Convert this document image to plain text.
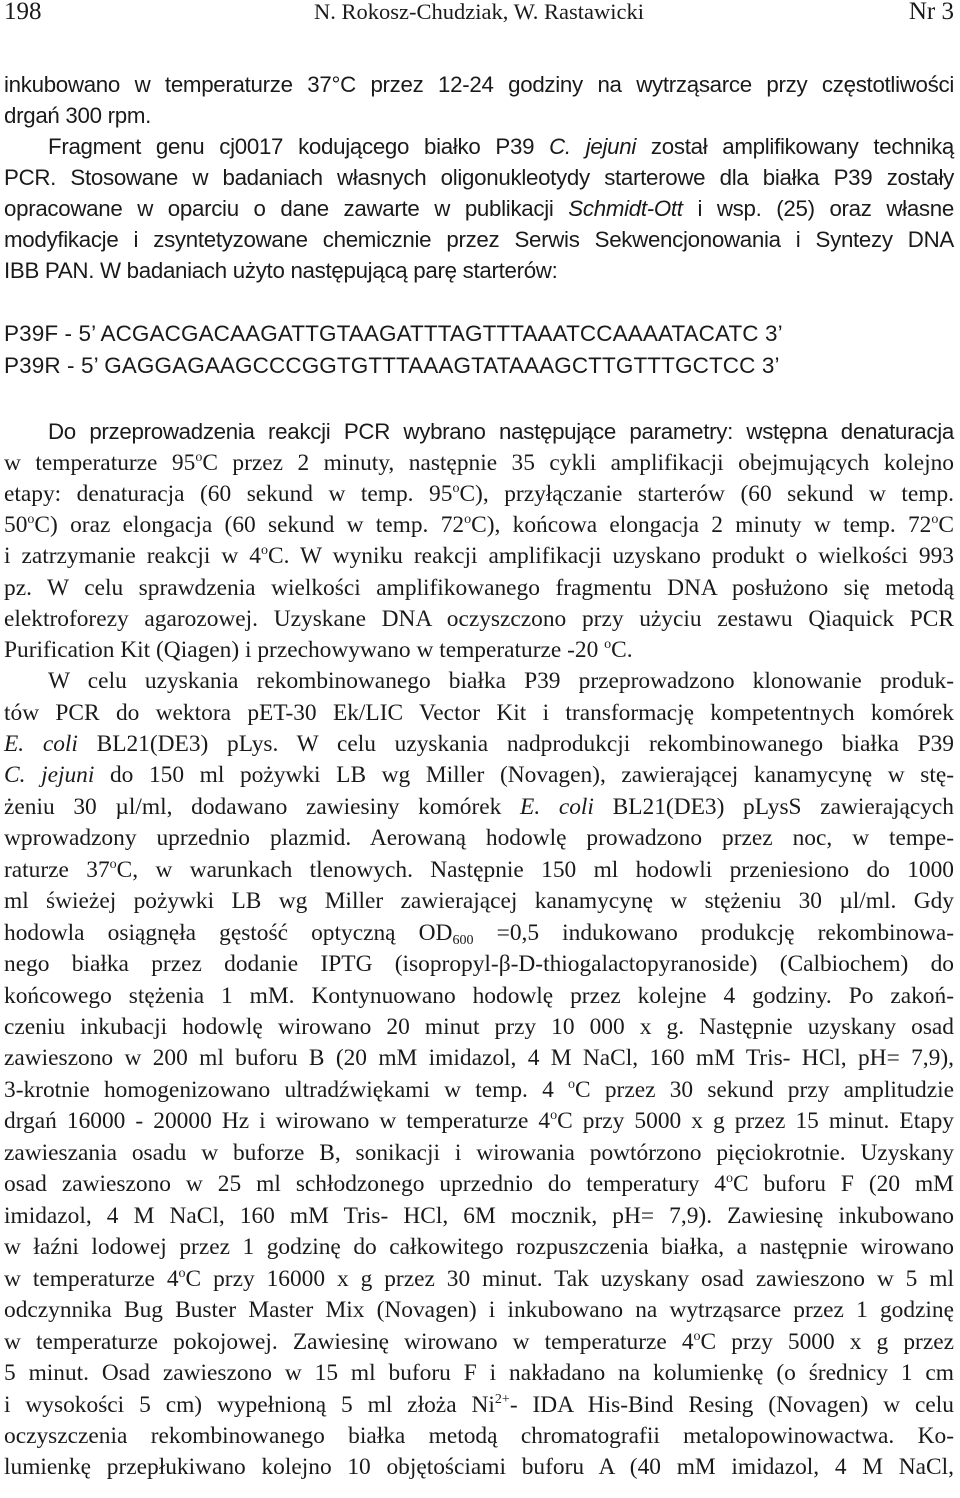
198	N. Rokosz-Chudziak, W. Rastawicki	Nr 3
inkubowano w temperaturze 37°C przez 12-24 godziny na wytrząsarce przy częstotliwości
drgań 300 rpm.
Fragment genu cj0017 kodującego białko P39 C. jejuni został amplifikowany techniką
PCR. Stosowane w badaniach własnych oligonukleotydy starterowe dla białka P39 zostały
opracowane w oparciu o dane zawarte w publikacji Schmidt-Ott i wsp. (25) oraz własne
modyfikacje i zsyntetyzowane chemicznie przez Serwis Sekwencjonowania i Syntezy DNA
IBB PAN. W badaniach użyto następującą parę starterów:
P39F - 5’ ACGACGACAAGATTGTAAGATTTAGTTTAAATCCAAAATACATC 3’
P39R - 5’ GAGGAGAAGCCCGGTGTTTAAAGTATAAAGCTTGTTTGCTCC 3’
Do przeprowadzenia reakcji PCR wybrano następujące parametry: wstępna denaturacja
w temperaturze 95$^o$C przez 2 minuty, następnie 35 cykli amplifikacji obejmujących kolejno
etapy: denaturacja (60 sekund w temp. 95$^o$C), przyłączanie starterów (60 sekund w temp.
50$^o$C) oraz elongacja (60 sekund w temp. 72$^o$C), końcowa elongacja 2 minuty w temp. 72$^o$C
i zatrzymanie reakcji w 4$^o$C. W wyniku reakcji amplifikacji uzyskano produkt o wielkości 993
pz. W celu sprawdzenia wielkości amplifikowanego fragmentu DNA posłużono się metodą
elektroforezy agarozowej. Uzyskane DNA oczyszczono przy użyciu zestawu Qiaquick PCR
Purification Kit (Qiagen) i przechowywano w temperaturze -20 $^o$C.
W celu uzyskania rekombinowanego białka P39 przeprowadzono klonowanie produk-
tów PCR do wektora pET-30 Ek/LIC Vector Kit i transformację kompetentnych komórek
E. coli BL21(DE3) pLys. W celu uzyskania nadprodukcji rekombinowanego białka P39
C. jejuni do 150 ml pożywki LB wg Miller (Novagen), zawierającej kanamycynę w stę-
żeniu 30 µl/ml, dodawano zawiesiny komórek E. coli BL21(DE3) pLysS zawierających
wprowadzony uprzednio plazmid. Aerowaną hodowlę prowadzono przez noc, w tempe-
raturze 37$^o$C, w warunkach tlenowych. Następnie 150 ml hodowli przeniesiono do 1000
ml świeżej pożywki LB wg Miller zawierającej kanamycynę w stężeniu 30 µl/ml. Gdy
hodowla osiągnęła gęstość optyczną $OD_{600} =0,5$ indukowano produkcję rekombinowa-
nego białka przez dodanie IPTG (isopropyl-β-D-thiogalactopyranoside) (Calbiochem) do
końcowego stężenia 1 mM. Kontynuowano hodowlę przez kolejne 4 godziny. Po zakoń-
czeniu inkubacji hodowlę wirowano 20 minut przy 10 000 x g. Następnie uzyskany osad
zawieszono w 200 ml buforu B (20 mM imidazol, 4 M NaCl, 160 mM Tris- HCl, pH= 7,9),
3-krotnie homogenizowano ultradźwiękami w temp. 4 $^o$C przez 30 sekund przy amplitudzie
drgań 16000 - 20000 Hz i wirowano w temperaturze 4$^o$C przy 5000 x g przez 15 minut. Etapy
zawieszania osadu w buforze B, sonikacji i wirowania powtórzono pięciokrotnie. Uzyskany
osad zawieszono w 25 ml schłodzonego uprzednio do temperatury 4$^o$C buforu F (20 mM
imidazol, 4 M NaCl, 160 mM Tris- HCl, 6M mocznik, pH= 7,9). Zawiesinę inkubowano
w łaźni lodowej przez 1 godzinę do całkowitego rozpuszczenia białka, a następnie wirowano
w temperaturze 4$^o$C przy 16000 x g przez 30 minut. Tak uzyskany osad zawieszono w 5 ml
odczynnika Bug Buster Master Mix (Novagen) i inkubowano na wytrząsarce przez 1 godzinę
w temperaturze pokojowej. Zawiesinę wirowano w temperaturze 4$^o$C przy 5000 x g przez
5 minut. Osad zawieszono w 15 ml buforu F i nakładano na kolumienkę (o średnicy 1 cm
i wysokości 5 cm) wypełnioną 5 ml złoża $Ni^{2+}-$ IDA His-Bind Resing (Novagen) w celu
oczyszczenia rekombinowanego białka metodą chromatografii metalopowinowactwa. Ko-
lumienkę przepłukiwano kolejno 10 objętościami buforu A (40 mM imidazol, 4 M NaCl,
